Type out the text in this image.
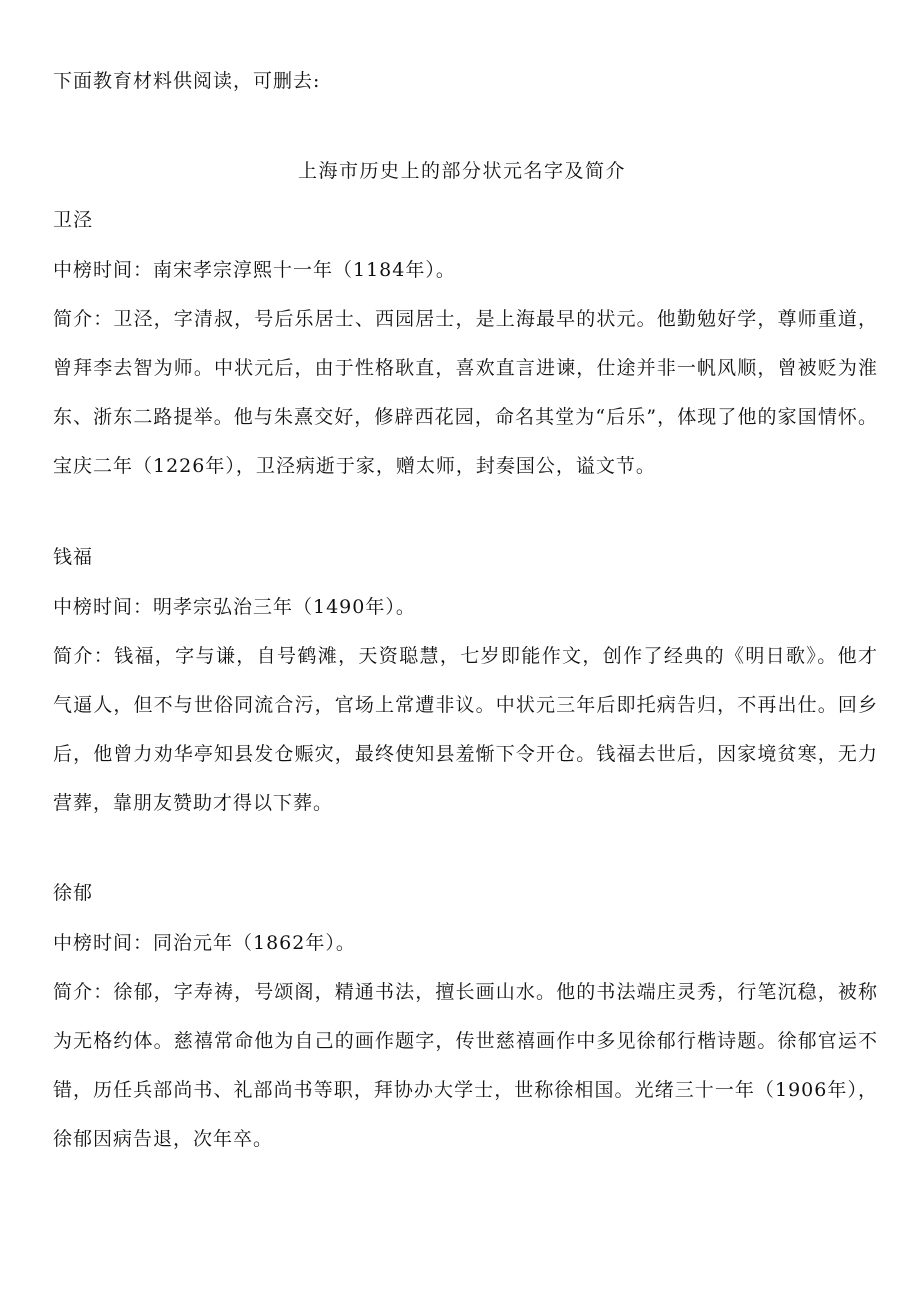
下面教育材料供阅读，可删去:
上海市历史上的部分状元名字及简介

卫泾

中榜时间：南宋孝宗淳熙十一年（1184年）。

简介：卫泾，字清叔，号后乐居士、西园居士，是上海最早的状元。他勤勉好学，尊师重道，曾拜李去智为师。中状元后，由于性格耿直，喜欢直言进谏，仕途并非一帆风顺，曾被贬为淮东、浙东二路提举。他与朱熹交好，修辟西花园，命名其堂为“后乐”，体现了他的家国情怀。宝庆二年（1226年），卫泾病逝于家，赠太师，封奏国公，谥文节。

钱福

中榜时间：明孝宗弘治三年（1490年）。

简介：钱福，字与谦，自号鹤滩，天资聪慧，七岁即能作文，创作了经典的《明日歌》。他才气逼人，但不与世俗同流合污，官场上常遭非议。中状元三年后即托病告归，不再出仕。回乡后，他曾力劝华亭知县发仓赈灾，最终使知县羞惭下令开仓。钱福去世后，因家境贫寒，无力营葬，靠朋友赞助才得以下葬。

徐郁

中榜时间：同治元年（1862年）。

简介：徐郁，字寿祷，号颂阁，精通书法，擅长画山水。他的书法端庄灵秀，行笔沉稳，被称为无格约体。慈禧常命他为自己的画作题字，传世慈禧画作中多见徐郁行楷诗题。徐郁官运不错，历任兵部尚书、礼部尚书等职，拜协办大学士，世称徐相国。光绪三十一年（1906年），徐郁因病告退，次年卒。
